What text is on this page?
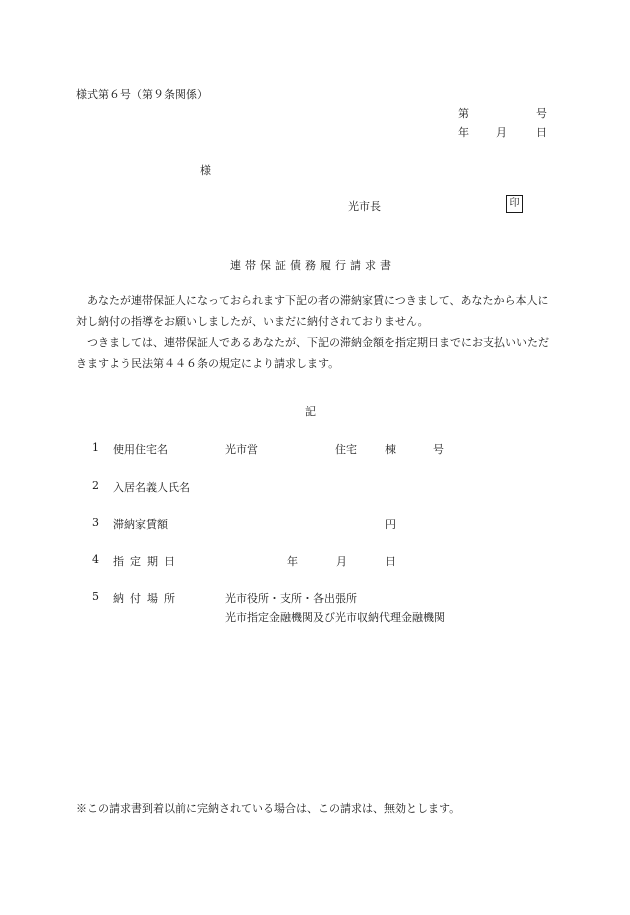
様式第６号（第９条関係）
第	号
年 月	日
様
光市長	印
連帯保証債務履行請求書

あなたが連帯保証人になっておられます下記の者の滞納家賃につきまして、あなたから本人に対し納付の指導をお願いしましたが、いまだに納付されておりません。

つきましては、連帯保証人であるあなたが、下記の滞納金額を指定期日までにお支払いいただきますよう民法第４４６条の規定により請求します。

記
1 使用住宅名	光市営	住宅	棟	号
2 入居名義人氏名
3 滞納家賃額	円
4 指定期日	年	月	日
5 納付場所	光市役所・支所・各出張所
光市指定金融機関及び光市収納代理金融機関
※この請求書到着以前に完納されている場合は、この請求は、無効とします。
